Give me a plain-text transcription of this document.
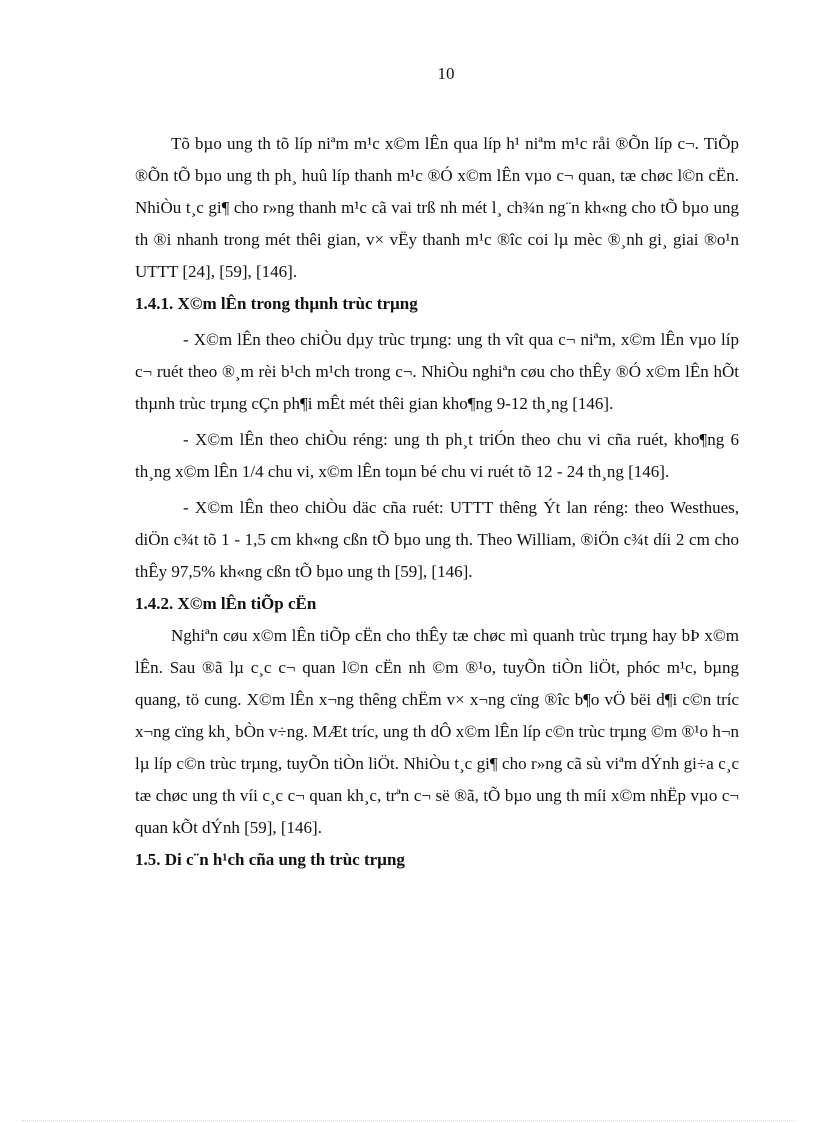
10

Tõ bµo ung th tõ líp niªm m¹c x©m lÊn qua líp h¹ niªm m¹c råi ®Õn líp c¬. TiÕp ®Õn tÕ bµo ung th ph¸ huû líp thanh m¹c ®Ó x©m lÊn vµo c¬ quan, tæ chøc l©n cËn. NhiÒu t¸c gi¶ cho r»ng thanh m¹c cã vai trß nh mét l¸ ch¾n ng¨n kh«ng cho tÕ bµo ung th ®i nhanh trong mét thêi gian, v× vËy thanh m¹c ®îc coi lµ mèc ®¸nh gi¸ giai ®o¹n UTTT [24], [59], [146].

1.4.1. X©m lÊn trong thµnh trùc trµng

- X©m lÊn theo chiÒu dµy trùc trµng: ung th vît qua c¬ niªm, x©m lÊn vµo líp c¬ ruét theo ®¸m rèi b¹ch m¹ch trong c¬. NhiÒu nghiªn cøu cho thÊy ®Ó x©m lÊn hÕt thµnh trùc trµng cÇn ph¶i mÊt mét thêi gian kho¶ng 9-12 th¸ng [146].

- X©m lÊn theo chiÒu réng: ung th ph¸t triÓn theo chu vi cña ruét, kho¶ng 6 th¸ng x©m lÊn 1/4 chu vi, x©m lÊn toµn bé chu vi ruét tõ 12 - 24 th¸ng [146].

- X©m lÊn theo chiÒu däc cña ruét: UTTT thêng Ýt lan réng: theo Westhues, diÖn c¾t tõ 1 - 1,5 cm kh«ng cßn tÕ bµo ung th. Theo William, ®iÖn c¾t díi 2 cm cho thÊy 97,5% kh«ng cßn tÕ bµo ung th [59], [146].

1.4.2. X©m lÊn tiÕp cËn

Nghiªn cøu x©m lÊn tiÕp cËn cho thÊy tæ chøc mì quanh trùc trµng hay bÞ x©m lÊn. Sau ®ã lµ c¸c c¬ quan l©n cËn nh ©m ®¹o, tuyÕn tiÒn liÖt, phóc m¹c, bµng quang, tö cung. X©m lÊn x¬ng thêng chËm v× x¬ng cïng ®îc b¶o vÖ bëi d¶i c©n tríc x¬ng cïng kh¸ bÒn v÷ng. MÆt tríc, ung th dÔ x©m lÊn líp c©n trùc trµng ©m ®¹o h¬n lµ líp c©n trùc trµng, tuyÕn tiÒn liÖt. NhiÒu t¸c gi¶ cho r»ng cã sù viªm dÝnh gi÷a c¸c tæ chøc ung th víi c¸c c¬ quan kh¸c, trªn c¬ së ®ã, tÕ bµo ung th míi x©m nhËp vµo c¬ quan kÕt dÝnh [59], [146].

1.5. Di c¨n h¹ch cña ung th trùc trµng
